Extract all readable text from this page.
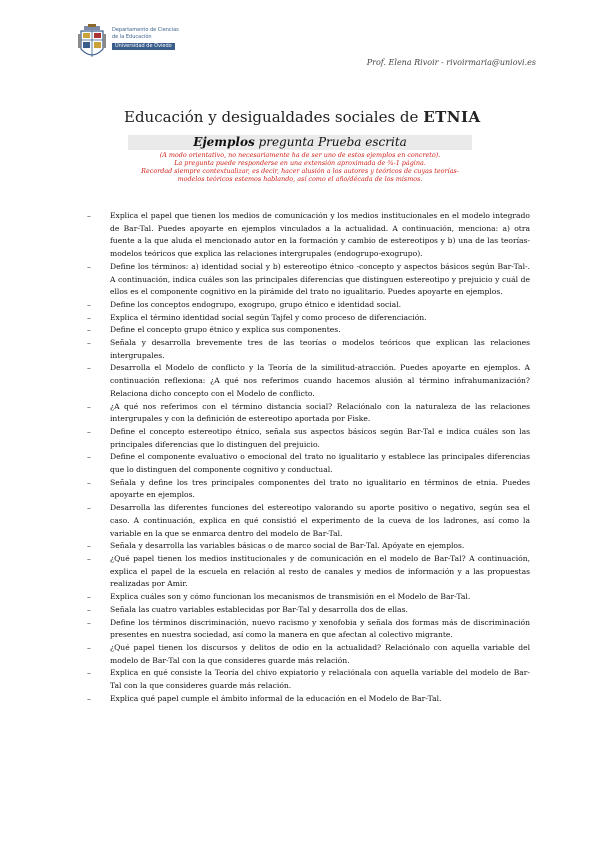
Departamento de Ciencias
de la Educación
Universidad de Oviedo
Prof. Elena Rivoir - rivoirmaria@uniovi.es
Educación y desigualdades sociales de ETNIA
Ejemplos pregunta Prueba escrita
(A modo orientativo, no necesariamente ha de ser uno de estos ejemplos en concreto).
La pregunta puede responderse en una extensión aproximada de ¾-1 página.
Recordad siempre contextualizar, es decir, hacer alusión a los autores y teóricos de cuyas teorías-
modelos teóricos estemos hablando, así como el año/década de los mismos.
– Explica el papel que tienen los medios de comunicación y los medios institucionales en el modelo integrado de Bar-Tal. Puedes apoyarte en ejemplos vinculados a la actualidad. A continuación, menciona: a) otra fuente a la que aluda el mencionado autor en la formación y cambio de estereotipos y b) una de las teorías-modelos teóricos que explica las relaciones intergrupales (endogrupo-exogrupo).
– Define los términos: a) identidad social y b) estereotipo étnico -concepto y aspectos básicos según Bar-Tal-. A continuación, indica cuáles son las principales diferencias que distinguen estereotipo y prejuicio y cuál de ellos es el componente cognitivo en la pirámide del trato no igualitario. Puedes apoyarte en ejemplos.
– Define los conceptos endogrupo, exogrupo, grupo étnico e identidad social.
– Explica el término identidad social según Tajfel y como proceso de diferenciación.
– Define el concepto grupo étnico y explica sus componentes.
– Señala y desarrolla brevemente tres de las teorías o modelos teóricos que explican las relaciones intergrupales.
– Desarrolla el Modelo de conflicto y la Teoría de la similitud-atracción. Puedes apoyarte en ejemplos. A continuación reflexiona: ¿A qué nos referimos cuando hacemos alusión al término infrahumanización? Relaciona dicho concepto con el Modelo de conflicto.
– ¿A qué nos referimos con el término distancia social? Relaciónalo con la naturaleza de las relaciones intergrupales y con la definición de estereotipo aportada por Fiske.
– Define el concepto estereotipo étnico, señala sus aspectos básicos según Bar-Tal e indica cuáles son las principales diferencias que lo distinguen del prejuicio.
– Define el componente evaluativo o emocional del trato no igualitario y establece las principales diferencias que lo distinguen del componente cognitivo y conductual.
– Señala y define los tres principales componentes del trato no igualitario en términos de etnia. Puedes apoyarte en ejemplos.
– Desarrolla las diferentes funciones del estereotipo valorando su aporte positivo o negativo, según sea el caso. A continuación, explica en qué consistió el experimento de la cueva de los ladrones, así como la variable en la que se enmarca dentro del modelo de Bar-Tal.
– Señala y desarrolla las variables básicas o de marco social de Bar-Tal. Apóyate en ejemplos.
– ¿Qué papel tienen los medios institucionales y de comunicación en el modelo de Bar-Tal? A continuación, explica el papel de la escuela en relación al resto de canales y medios de información y a las propuestas realizadas por Amir.
– Explica cuáles son y cómo funcionan los mecanismos de transmisión en el Modelo de Bar-Tal.
– Señala las cuatro variables establecidas por Bar-Tal y desarrolla dos de ellas.
– Define los términos discriminación, nuevo racismo y xenofobia y señala dos formas más de discriminación presentes en nuestra sociedad, así como la manera en que afectan al colectivo migrante.
– ¿Qué papel tienen los discursos y delitos de odio en la actualidad? Relaciónalo con aquella variable del modelo de Bar-Tal con la que consideres guarde más relación.
– Explica en qué consiste la Teoría del chivo expiatorio y relaciónala con aquella variable del modelo de Bar-Tal con la que consideres guarde más relación.
– Explica qué papel cumple el ámbito informal de la educación en el Modelo de Bar-Tal.
